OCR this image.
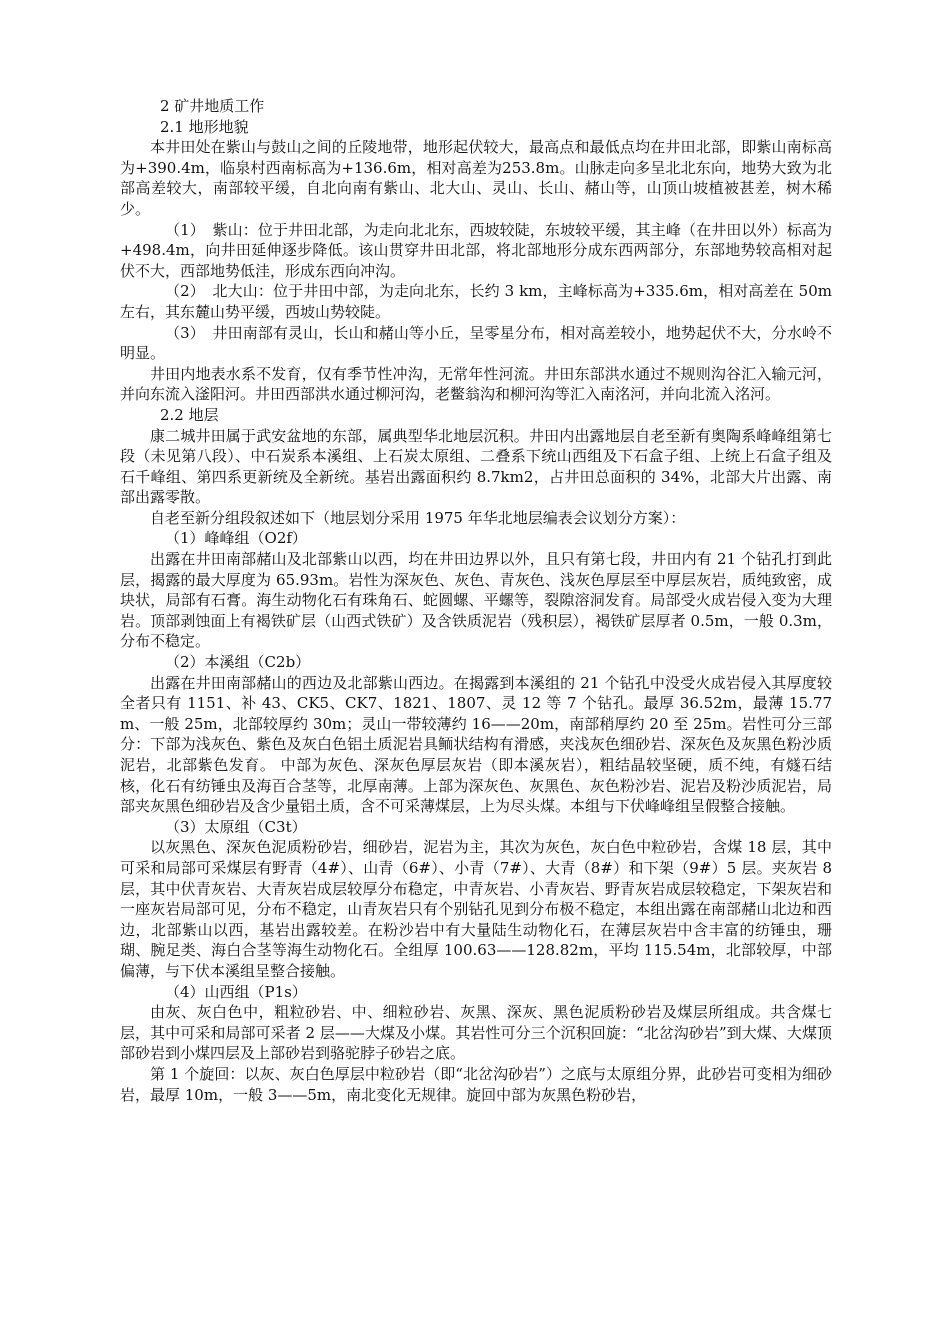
2 矿井地质工作

2.1 地形地貌

本井田处在紫山与鼓山之间的丘陵地带，地形起伏较大，最高点和最低点均在井田北部，即紫山南标高为+390.4m，临泉村西南标高为+136.6m，相对高差为253.8m。山脉走向多呈北北东向，地势大致为北部高差较大，南部较平缓，自北向南有紫山、北大山、灵山、长山、赭山等，山顶山坡植被甚差，树木稀少。

（1）　紫山：位于井田北部，为走向北北东，西坡较陡，东坡较平缓，其主峰（在井田以外）标高为+498.4m，向井田延伸逐步降低。该山贯穿井田北部，将北部地形分成东西两部分，东部地势较高相对起伏不大，西部地势低洼，形成东西向冲沟。

（2）　北大山：位于井田中部，为走向北东，长约 3 km，主峰标高为+335.6m，相对高差在 50m 左右，其东麓山势平缓，西坡山势较陡。

（3）　井田南部有灵山，长山和赭山等小丘，呈零星分布，相对高差较小，地势起伏不大，分水岭不明显。

井田内地表水系不发育，仅有季节性冲沟，无常年性河流。井田东部洪水通过不规则沟谷汇入输元河，并向东流入滏阳河。井田西部洪水通过柳河沟，老鳖翁沟和柳河沟等汇入南洺河，并向北流入洺河。

2.2 地层

康二城井田属于武安盆地的东部，属典型华北地层沉积。井田内出露地层自老至新有奥陶系峰峰组第七段（未见第八段）、中石炭系本溪组、上石炭太原组、二叠系下统山西组及下石盒子组、上统上石盒子组及石千峰组、第四系更新统及全新统。基岩出露面积约 8.7km2，占井田总面积的 34%，北部大片出露、南部出露零散。

自老至新分组段叙述如下（地层划分采用 1975 年华北地层编表会议划分方案）：

（1）峰峰组（O2f）

出露在井田南部赭山及北部紫山以西，均在井田边界以外，且只有第七段，井田内有 21 个钻孔打到此层，揭露的最大厚度为 65.93m。岩性为深灰色、灰色、青灰色、浅灰色厚层至中厚层灰岩，质纯致密，成块状，局部有石膏。海生动物化石有珠角石、蛇圆螺、平螺等，裂隙溶洞发育。局部受火成岩侵入变为大理岩。顶部剥蚀面上有褐铁矿层（山西式铁矿）及含铁质泥岩（残积层），褐铁矿层厚者 0.5m，一般 0.3m，分布不稳定。

（2）本溪组（C2b）

出露在井田南部赭山的西边及北部紫山西边。在揭露到本溪组的 21 个钻孔中没受火成岩侵入其厚度较全者只有 1151、补 43、CK5、CK7、1821、1807、灵 12 等 7 个钻孔。最厚 36.52m，最薄 15.77m、一般 25m，北部较厚约 30m；灵山一带较薄约 16——20m，南部稍厚约 20 至 25m。岩性可分三部分：下部为浅灰色、紫色及灰白色铝土质泥岩具鲕状结构有滑感，夹浅灰色细砂岩、深灰色及灰黑色粉沙质泥岩，北部紫色发育。 中部为灰色、深灰色厚层灰岩（即本溪灰岩），粗结晶较坚硬，质不纯，有燧石结核，化石有纺锤虫及海百合茎等，北厚南薄。上部为深灰色、灰黑色、灰色粉沙岩、泥岩及粉沙质泥岩，局部夹灰黑色细砂岩及含少量铝土质，含不可采薄煤层，上为尽头煤。本组与下伏峰峰组呈假整合接触。

（3）太原组（C3t）

以灰黑色、深灰色泥质粉砂岩，细砂岩，泥岩为主，其次为灰色，灰白色中粒砂岩，含煤 18 层，其中可采和局部可采煤层有野青（4#）、山青（6#）、小青（7#）、大青（8#）和下架（9#）5 层。夹灰岩 8 层，其中伏青灰岩、大青灰岩成层较厚分布稳定，中青灰岩、小青灰岩、野青灰岩成层较稳定，下架灰岩和一座灰岩局部可见，分布不稳定，山青灰岩只有个别钻孔见到分布极不稳定，本组出露在南部赭山北边和西边，北部紫山以西，基岩出露较差。在粉沙岩中有大量陆生动物化石，在薄层灰岩中含丰富的纺锤虫，珊瑚、腕足类、海白合茎等海生动物化石。全组厚 100.63——128.82m，平均 115.54m，北部较厚，中部偏薄，与下伏本溪组呈整合接触。

（4）山西组（P1s）

由灰、灰白色中，粗粒砂岩、中、细粒砂岩、灰黑、深灰、黑色泥质粉砂岩及煤层所组成。共含煤七层，其中可采和局部可采者 2 层——大煤及小煤。其岩性可分三个沉积回旋：“北岔沟砂岩”到大煤、大煤顶部砂岩到小煤四层及上部砂岩到骆驼脖子砂岩之底。

第 1 个旋回：以灰、灰白色厚层中粒砂岩（即“北岔沟砂岩”）之底与太原组分界，此砂岩可变相为细砂岩，最厚 10m，一般 3——5m，南北变化无规律。旋回中部为灰黑色粉砂岩，
